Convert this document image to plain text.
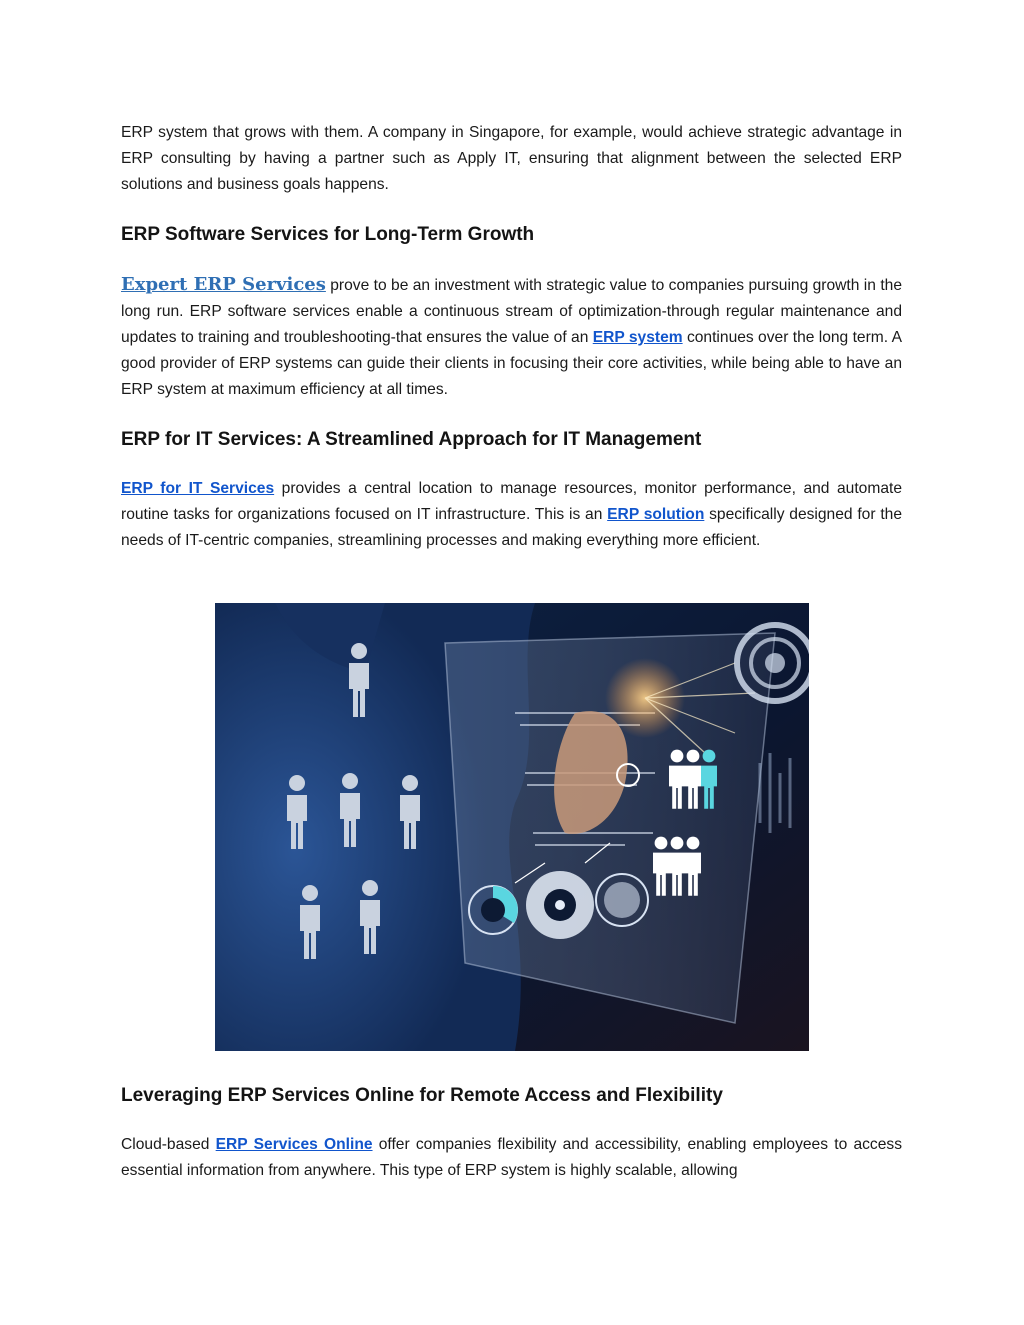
ERP system that grows with them. A company in Singapore, for example, would achieve strategic advantage in ERP consulting by having a partner such as Apply IT, ensuring that alignment between the selected ERP solutions and business goals happens.

ERP Software Services for Long-Term Growth

Expert ERP Services prove to be an investment with strategic value to companies pursuing growth in the long run. ERP software services enable a continuous stream of optimization-through regular maintenance and updates to training and troubleshooting-that ensures the value of an ERP system continues over the long term. A good provider of ERP systems can guide their clients in focusing their core activities, while being able to have an ERP system at maximum efficiency at all times.

ERP for IT Services: A Streamlined Approach for IT Management

ERP for IT Services provides a central location to manage resources, monitor performance, and automate routine tasks for organizations focused on IT infrastructure. This is an ERP solution specifically designed for the needs of IT-centric companies, streamlining processes and making everything more efficient.

Leveraging ERP Services Online for Remote Access and Flexibility

Cloud-based ERP Services Online offer companies flexibility and accessibility, enabling employees to access essential information from anywhere. This type of ERP system is highly scalable, allowing
